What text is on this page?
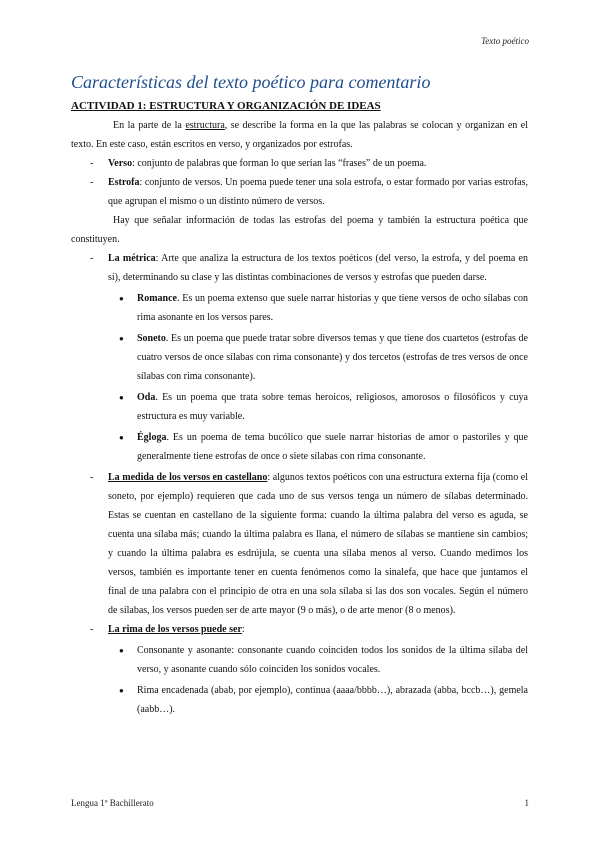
Texto poético
Características del texto poético para comentario
ACTIVIDAD 1: ESTRUCTURA Y ORGANIZACIÓN DE IDEAS

En la parte de la estructura, se describe la forma en la que las palabras se colocan y organizan en el texto. En este caso, están escritos en verso, y organizados por estrofas.

- Verso: conjunto de palabras que forman lo que serían las “frases” de un poema.
- Estrofa: conjunto de versos. Un poema puede tener una sola estrofa, o estar formado por varias estrofas, que agrupan el mismo o un distinto número de versos.

Hay que señalar información de todas las estrofas del poema y también la estructura poética que constituyen.

- La métrica: Arte que analiza la estructura de los textos poéticos (del verso, la estrofa, y del poema en sí), determinando su clase y las distintas combinaciones de versos y estrofas que pueden darse.
● Romance. Es un poema extenso que suele narrar historias y que tiene versos de ocho sílabas con rima asonante en los versos pares.
● Soneto. Es un poema que puede tratar sobre diversos temas y que tiene dos cuartetos (estrofas de cuatro versos de once sílabas con rima consonante) y dos tercetos (estrofas de tres versos de once sílabas con rima consonante).
● Oda. Es un poema que trata sobre temas heroicos, religiosos, amorosos o filosóficos y cuya estructura es muy variable.
● Égloga. Es un poema de tema bucólico que suele narrar historias de amor o pastoriles y que generalmente tiene estrofas de once o siete sílabas con rima consonante.
- La medida de los versos en castellano: algunos textos poéticos con una estructura externa fija (como el soneto, por ejemplo) requieren que cada uno de sus versos tenga un número de sílabas determinado. Estas se cuentan en castellano de la siguiente forma: cuando la última palabra del verso es aguda, se cuenta una sílaba más; cuando la última palabra es llana, el número de sílabas se mantiene sin cambios; y cuando la última palabra es esdrújula, se cuenta una sílaba menos al verso. Cuando medimos los versos, también es importante tener en cuenta fenómenos como la sinalefa, que hace que juntamos el final de una palabra con el principio de otra en una sola sílaba si las dos son vocales. Según el número de sílabas, los versos pueden ser de arte mayor (9 o más), o de arte menor (8 o menos).
- La rima de los versos puede ser:
● Consonante y asonante: consonante cuando coinciden todos los sonidos de la última sílaba del verso, y asonante cuando sólo coinciden los sonidos vocales.
● Rima encadenada (abab, por ejemplo), continua (aaaa/bbbb…), abrazada (abba, bccb…), gemela (aabb…).
Lengua 1º Bachillerato	1
